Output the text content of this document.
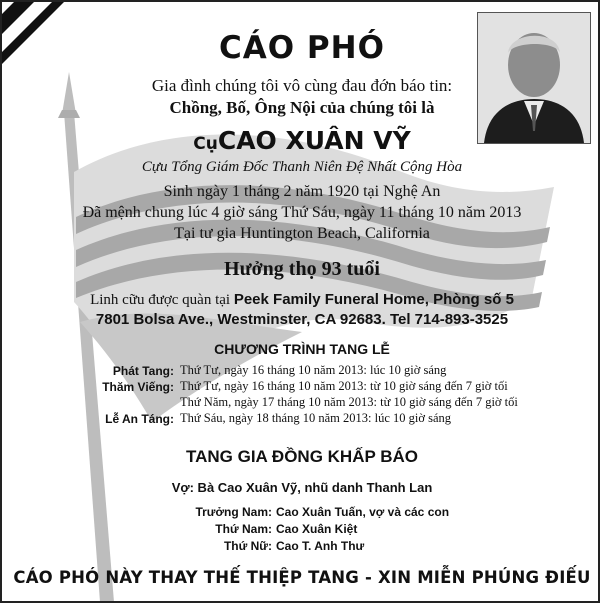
CÁO PHÓ
Gia đình chúng tôi vô cùng đau đớn báo tin:
Chồng, Bố, Ông Nội của chúng tôi là
CụCAO XUÂN VỸ
Cựu Tổng Giám Đốc Thanh Niên Đệ Nhất Cộng Hòa
Sinh ngày 1 tháng 2 năm 1920 tại Nghệ An
Đã mệnh chung lúc 4 giờ sáng Thứ Sáu, ngày 11 tháng 10 năm 2013
Tại tư gia Huntington Beach, California
Hưởng thọ 93 tuổi
Linh cữu được quàn tại Peek Family Funeral Home, Phòng số 5
7801 Bolsa Ave., Westminster, CA 92683. Tel 714-893-3525
CHƯƠNG TRÌNH TANG LỄ
Phát Tang: Thứ Tư, ngày 16 tháng 10 năm 2013: lúc 10 giờ sáng
Thăm Viếng: Thứ Tư, ngày 16 tháng 10 năm 2013: từ 10 giờ sáng đến 7 giờ tối
Thứ Năm, ngày 17 tháng 10 năm 2013: từ 10 giờ sáng đến 7 giờ tối
Lễ An Táng: Thứ Sáu, ngày 18 tháng 10 năm 2013: lúc 10 giờ sáng
TANG GIA ĐỒNG KHẤP BÁO
Vợ: Bà Cao Xuân Vỹ, nhũ danh Thanh Lan
Trưởng Nam: Cao Xuân Tuấn, vợ và các con
Thứ Nam: Cao Xuân Kiệt
Thứ Nữ: Cao T. Anh Thư
CÁO PHÓ NÀY THAY THẾ THIỆP TANG - XIN MIỄN PHÚNG ĐIẾU
